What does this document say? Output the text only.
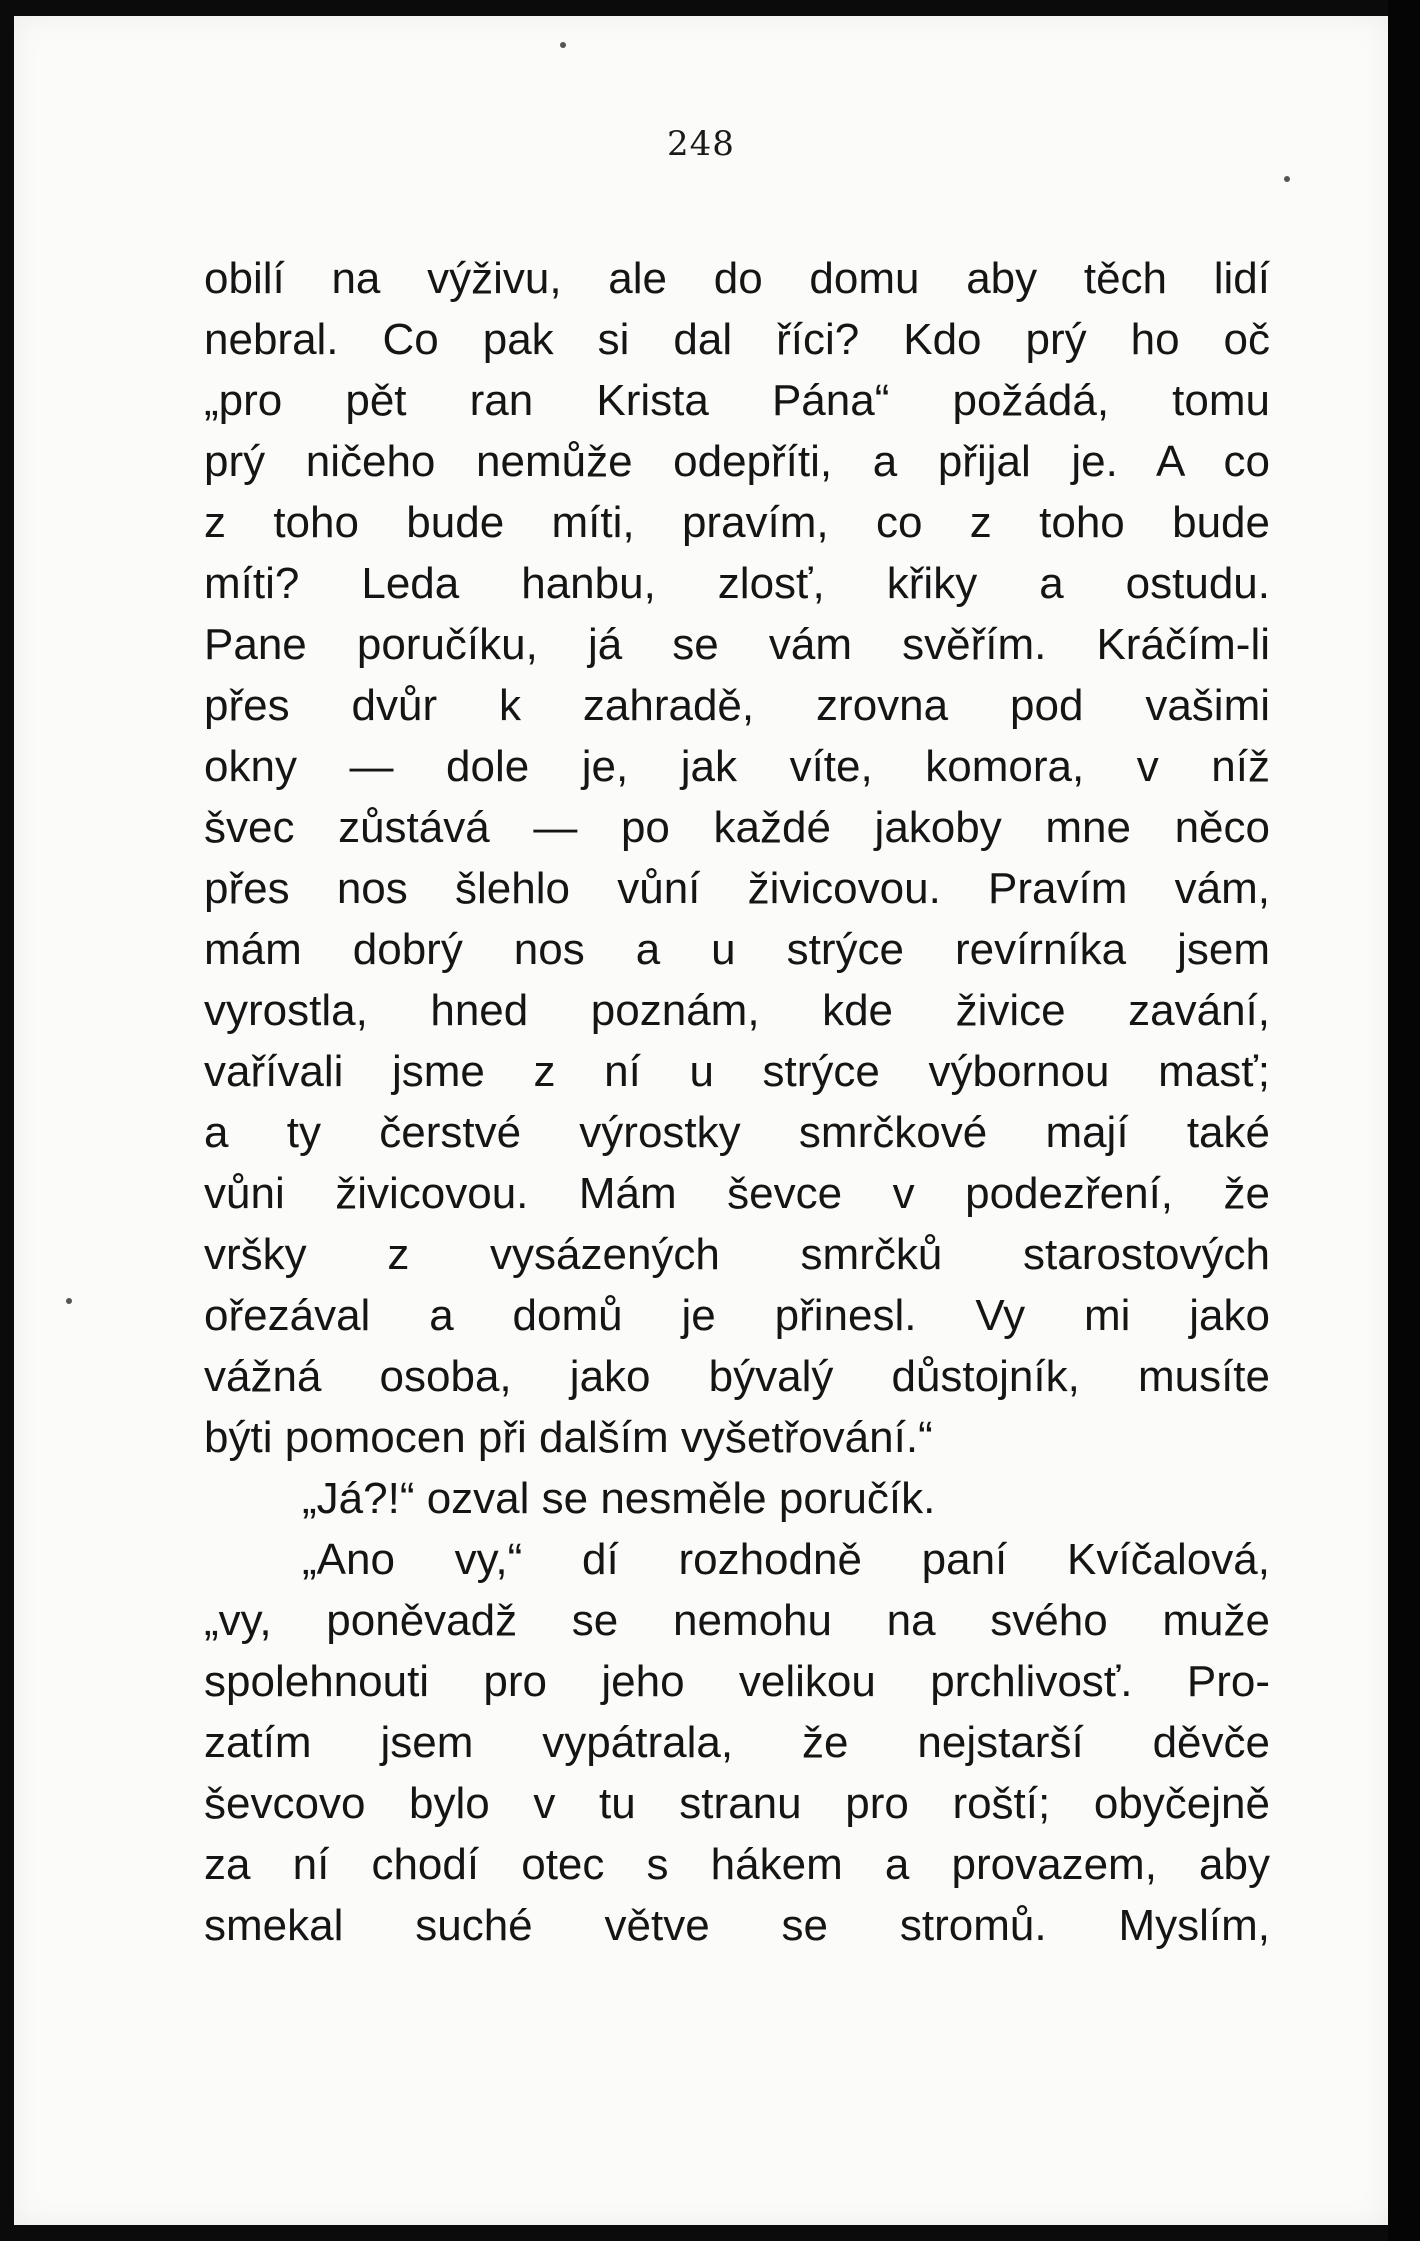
248
obilí na výživu, ale do domu aby těch lidí
nebral. Co pak si dal říci? Kdo prý ho oč
„pro pět ran Krista Pána“ požádá, tomu
prý ničeho nemůže odepříti, a přijal je. A co
z toho bude míti, pravím, co z toho bude
míti? Leda hanbu, zlosť, křiky a ostudu.
Pane poručíku, já se vám svěřím. Kráčím-li
přes dvůr k zahradě, zrovna pod vašimi
okny — dole je, jak víte, komora, v níž
švec zůstává — po každé jakoby mne něco
přes nos šlehlo vůní živicovou. Pravím vám,
mám dobrý nos a u strýce revírníka jsem
vyrostla, hned poznám, kde živice zavání,
vařívali jsme z ní u strýce výbornou masť;
a ty čerstvé výrostky smrčkové mají také
vůni živicovou. Mám ševce v podezření, že
vršky z vysázených smrčků starostových
ořezával a domů je přinesl. Vy mi jako
vážná osoba, jako bývalý důstojník, musíte
býti pomocen při dalším vyšetřování.“
„Já?!“ ozval se nesměle poručík.
„Ano vy,“ dí rozhodně paní Kvíčalová,
„vy, poněvadž se nemohu na svého muže
spolehnouti pro jeho velikou prchlivosť. Pro-
zatím jsem vypátrala, že nejstarší děvče
ševcovo bylo v tu stranu pro roští; obyčejně
za ní chodí otec s hákem a provazem, aby
smekal suché větve se stromů. Myslím,
